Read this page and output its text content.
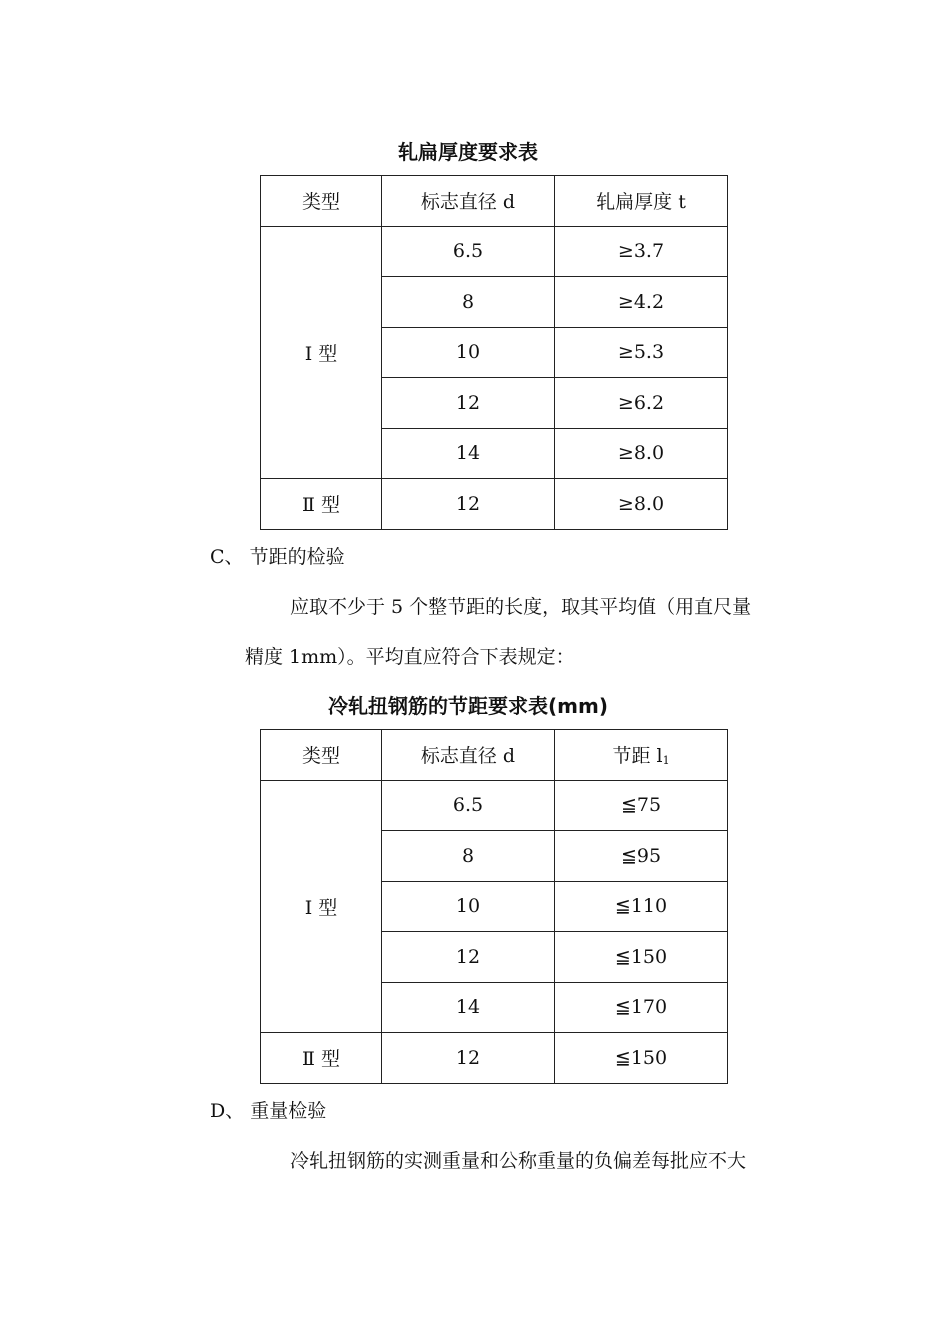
轧扁厚度要求表
类型	标志直径 d	轧扁厚度 t
Ⅰ 型	6.5	≥3.7
	8	≥4.2
	10	≥5.3
	12	≥6.2
	14	≥8.0
Ⅱ 型	12	≥8.0
C、 节距的检验
应取不少于 5 个整节距的长度，取其平均值（用直尺量
精度 1mm）。平均直应符合下表规定：
冷轧扭钢筋的节距要求表(mm)
类型	标志直径 d	节距 $l_1$
Ⅰ 型	6.5	≦75
	8	≦95
	10	≦110
	12	≦150
	14	≦170
Ⅱ 型	12	≦150
D、 重量检验
冷轧扭钢筋的实测重量和公称重量的负偏差每批应不大
